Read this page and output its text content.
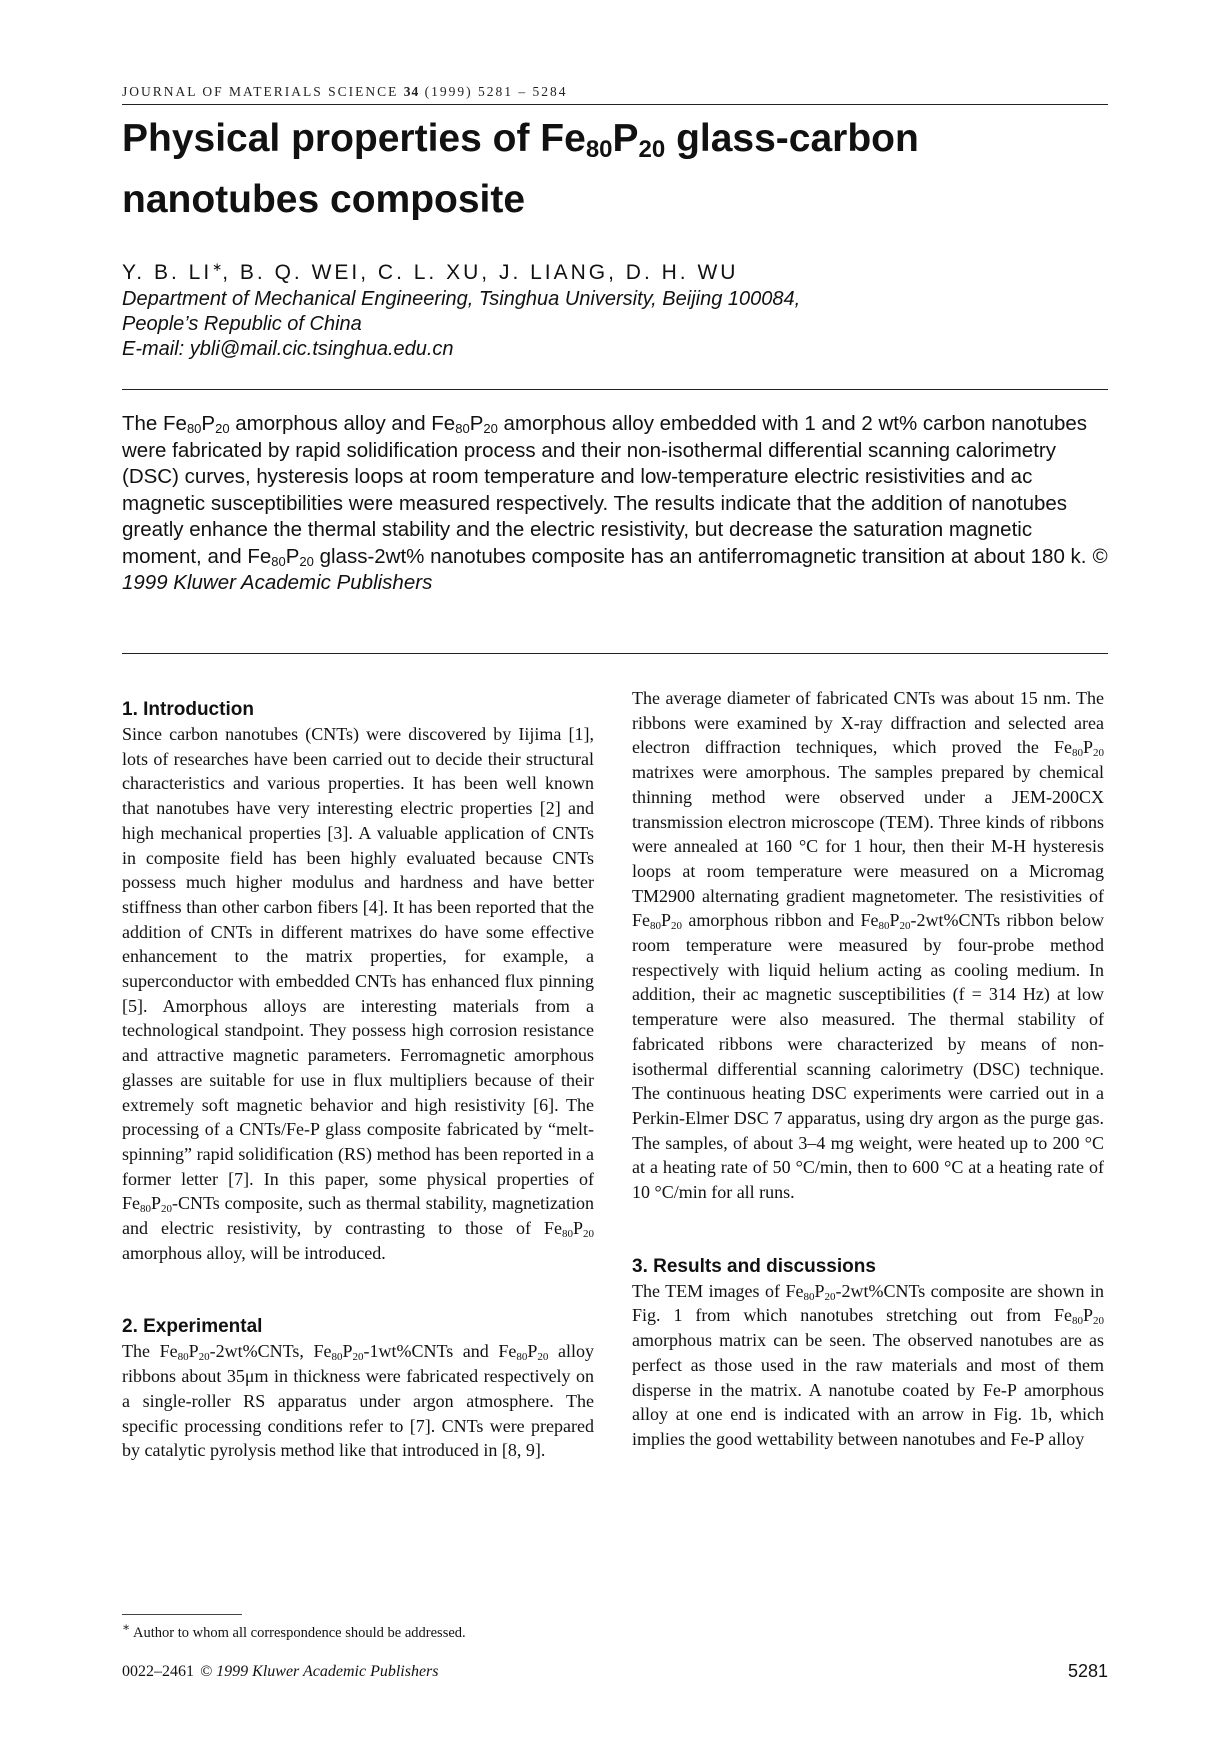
JOURNAL OF MATERIALS SCIENCE 34 (1999) 5281 – 5284
Physical properties of $Fe_{80}P_{20}$ glass-carbon nanotubes composite

Y. B. LI∗, B. Q. WEI, C. L. XU, J. LIANG, D. H. WU

Department of Mechanical Engineering, Tsinghua University, Beijing 100084,
People’s Republic of China
E-mail: ybli@mail.cic.tsinghua.edu.cn

The $Fe_{80}P_{20}$ amorphous alloy and $Fe_{80}P_{20}$ amorphous alloy embedded with 1 and 2 wt% carbon nanotubes were fabricated by rapid solidification process and their non-isothermal differential scanning calorimetry (DSC) curves, hysteresis loops at room temperature and low-temperature electric resistivities and ac magnetic susceptibilities were measured respectively. The results indicate that the addition of nanotubes greatly enhance the thermal stability and the electric resistivity, but decrease the saturation magnetic moment, and $Fe_{80}P_{20}$ glass-2wt% nanotubes composite has an antiferromagnetic transition at about 180 k. © 1999 Kluwer Academic Publishers

1. Introduction

Since carbon nanotubes (CNTs) were discovered by Iijima [1], lots of researches have been carried out to decide their structural characteristics and various properties. It has been well known that nanotubes have very interesting electric properties [2] and high mechanical properties [3]. A valuable application of CNTs in composite field has been highly evaluated because CNTs possess much higher modulus and hardness and have better stiffness than other carbon fibers [4]. It has been reported that the addition of CNTs in different matrixes do have some effective enhancement to the matrix properties, for example, a superconductor with embedded CNTs has enhanced flux pinning [5]. Amorphous alloys are interesting materials from a technological standpoint. They possess high corrosion resistance and attractive magnetic parameters. Ferromagnetic amorphous glasses are suitable for use in flux multipliers because of their extremely soft magnetic behavior and high resistivity [6]. The processing of a CNTs/Fe-P glass composite fabricated by “melt-spinning” rapid solidification (RS) method has been reported in a former letter [7]. In this paper, some physical properties of $Fe_{80}P_{20}$-CNTs composite, such as thermal stability, magnetization and electric resistivity, by contrasting to those of $Fe_{80}P_{20}$ amorphous alloy, will be introduced.

2. Experimental

The $Fe_{80}P_{20}-2wt\%CNTs$, $Fe_{80}P_{20}-1wt\%CNTs$ and $Fe_{80}P_{20}$ alloy ribbons about 35μm in thickness were fabricated respectively on a single-roller RS apparatus under argon atmosphere. The specific processing conditions refer to [7]. CNTs were prepared by catalytic pyrolysis method like that introduced in [8, 9].

The average diameter of fabricated CNTs was about 15 nm. The ribbons were examined by X-ray diffraction and selected area electron diffraction techniques, which proved the $Fe_{80}P_{20}$ matrixes were amorphous. The samples prepared by chemical thinning method were observed under a JEM-200CX transmission electron microscope (TEM). Three kinds of ribbons were annealed at 160 °C for 1 hour, then their M-H hysteresis loops at room temperature were measured on a Micromag TM2900 alternating gradient magnetometer. The resistivities of $Fe_{80}P_{20}$ amorphous ribbon and $Fe_{80}P_{20}-2wt\%CNTs$ ribbon below room temperature were measured by four-probe method respectively with liquid helium acting as cooling medium. In addition, their ac magnetic susceptibilities (f = 314 Hz) at low temperature were also measured. The thermal stability of fabricated ribbons were characterized by means of non-isothermal differential scanning calorimetry (DSC) technique. The continuous heating DSC experiments were carried out in a Perkin-Elmer DSC 7 apparatus, using dry argon as the purge gas. The samples, of about 3–4 mg weight, were heated up to 200 °C at a heating rate of 50 °C/min, then to 600 °C at a heating rate of 10 °C/min for all runs.

3. Results and discussions

The TEM images of $Fe_{80}P_{20}-2wt\%CNTs$ composite are shown in Fig. 1 from which nanotubes stretching out from $Fe_{80}P_{20}$ amorphous matrix can be seen. The observed nanotubes are as perfect as those used in the raw materials and most of them disperse in the matrix. A nanotube coated by Fe-P amorphous alloy at one end is indicated with an arrow in Fig. 1b, which implies the good wettability between nanotubes and Fe-P alloy

∗ Author to whom all correspondence should be addressed.
0022–2461 © 1999 Kluwer Academic Publishers	5281
